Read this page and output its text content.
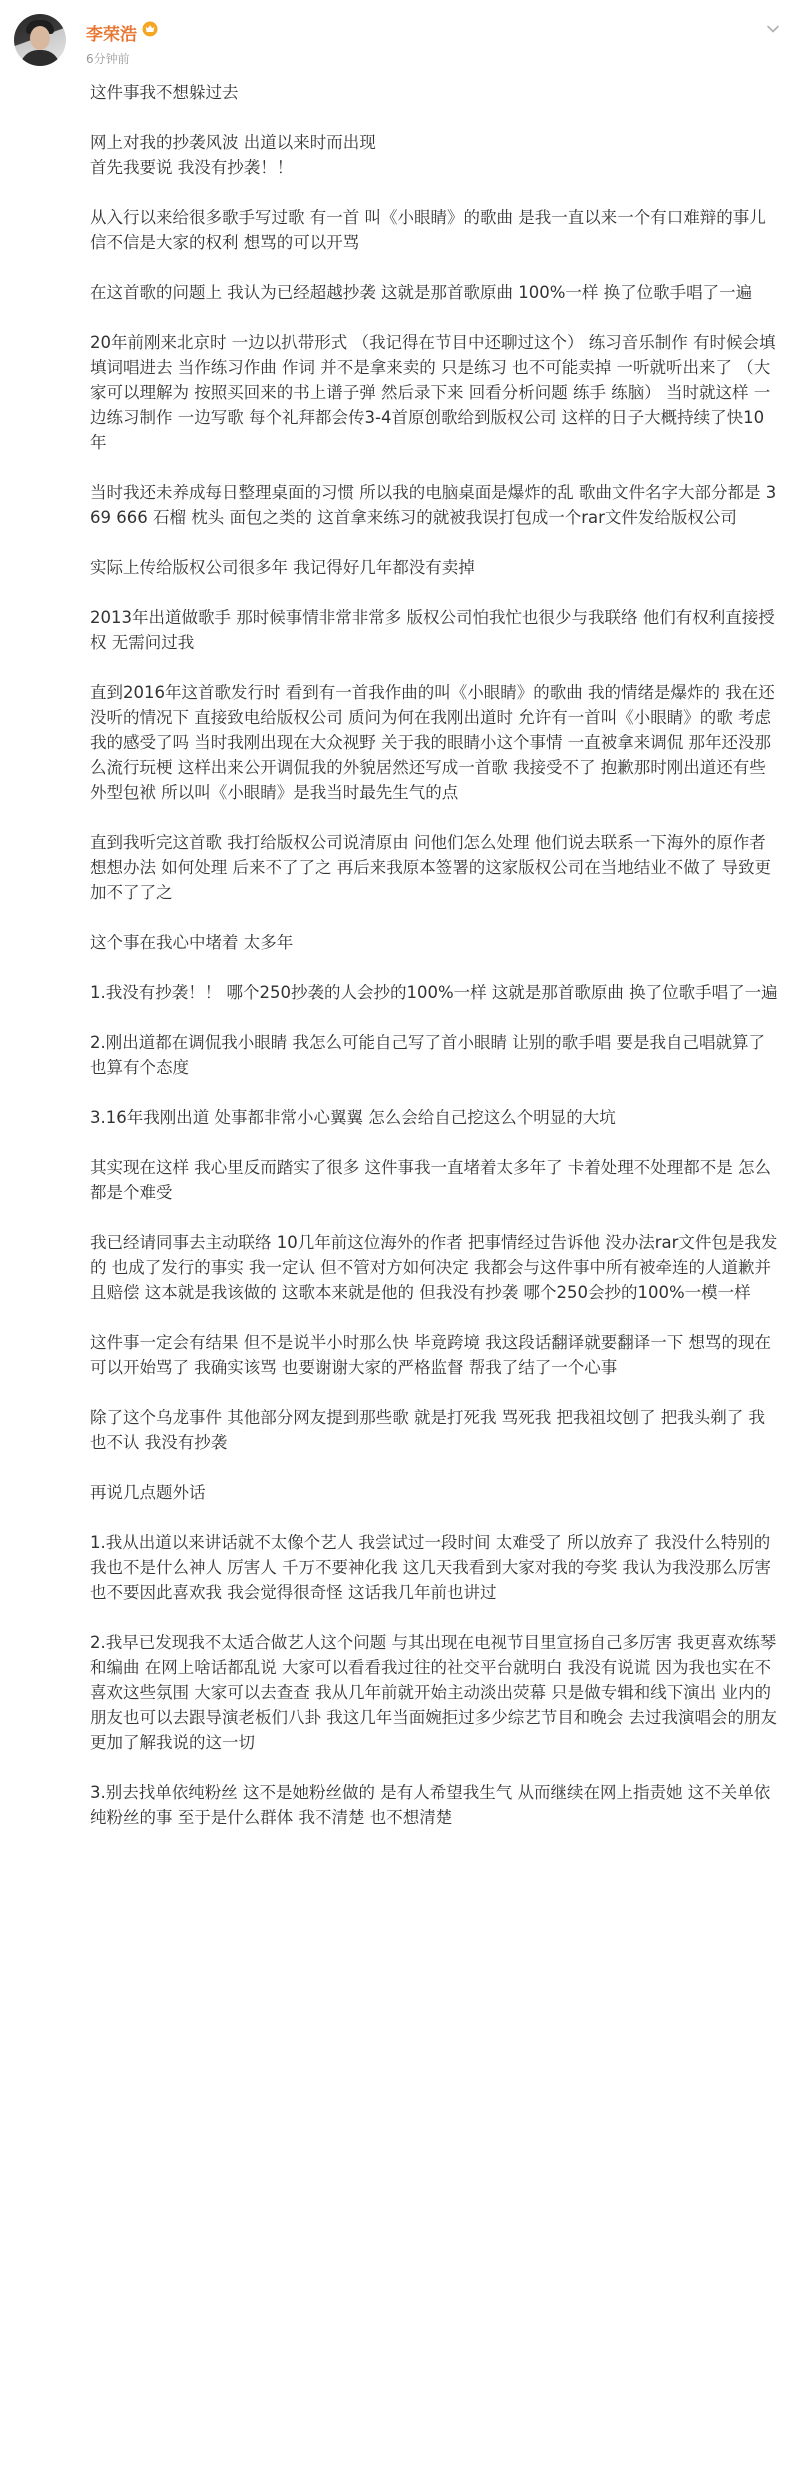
李荣浩
6分钟前

这件事我不想躲过去

网上对我的抄袭风波 出道以来时而出现

首先我要说 我没有抄袭！！

从入行以来给很多歌手写过歌 有一首 叫《小眼睛》的歌曲 是我一直以来一个有口难辩的事儿 信不信是大家的权利 想骂的可以开骂

在这首歌的问题上 我认为已经超越抄袭 这就是那首歌原曲 100%一样 换了位歌手唱了一遍

20年前刚来北京时 一边以扒带形式 （我记得在节目中还聊过这个） 练习音乐制作 有时候会填填词唱进去 当作练习作曲 作词 并不是拿来卖的 只是练习 也不可能卖掉 一听就听出来了 （大家可以理解为 按照买回来的书上谱子弹 然后录下来 回看分析问题 练手 练脑） 当时就这样 一边练习制作 一边写歌 每个礼拜都会传3-4首原创歌给到版权公司 这样的日子大概持续了快10年

当时我还未养成每日整理桌面的习惯 所以我的电脑桌面是爆炸的乱 歌曲文件名字大部分都是 369 666 石榴 枕头 面包之类的 这首拿来练习的就被我误打包成一个rar文件发给版权公司

实际上传给版权公司很多年 我记得好几年都没有卖掉

2013年出道做歌手 那时候事情非常非常多 版权公司怕我忙也很少与我联络 他们有权利直接授权 无需问过我

直到2016年这首歌发行时 看到有一首我作曲的叫《小眼睛》的歌曲 我的情绪是爆炸的 我在还没听的情况下 直接致电给版权公司 质问为何在我刚出道时 允许有一首叫《小眼睛》的歌 考虑我的感受了吗 当时我刚出现在大众视野 关于我的眼睛小这个事情 一直被拿来调侃 那年还没那么流行玩梗 这样出来公开调侃我的外貌居然还写成一首歌 我接受不了 抱歉那时刚出道还有些外型包袱 所以叫《小眼睛》是我当时最先生气的点

直到我听完这首歌 我打给版权公司说清原由 问他们怎么处理 他们说去联系一下海外的原作者 想想办法 如何处理 后来不了了之 再后来我原本签署的这家版权公司在当地结业不做了 导致更加不了了之

这个事在我心中堵着 太多年

1.我没有抄袭！！ 哪个250抄袭的人会抄的100%一样 这就是那首歌原曲 换了位歌手唱了一遍

2.刚出道都在调侃我小眼睛 我怎么可能自己写了首小眼睛 让别的歌手唱 要是我自己唱就算了 也算有个态度

3.16年我刚出道 处事都非常小心翼翼 怎么会给自己挖这么个明显的大坑

其实现在这样 我心里反而踏实了很多 这件事我一直堵着太多年了 卡着处理不处理都不是 怎么都是个难受

我已经请同事去主动联络 10几年前这位海外的作者 把事情经过告诉他 没办法rar文件包是我发的 也成了发行的事实 我一定认 但不管对方如何决定 我都会与这件事中所有被牵连的人道歉并且赔偿 这本就是我该做的 这歌本来就是他的 但我没有抄袭 哪个250会抄的100%一模一样

这件事一定会有结果 但不是说半小时那么快 毕竟跨境 我这段话翻译就要翻译一下 想骂的现在可以开始骂了 我确实该骂 也要谢谢大家的严格监督 帮我了结了一个心事

除了这个乌龙事件 其他部分网友提到那些歌 就是打死我 骂死我 把我祖坟刨了 把我头剃了 我也不认 我没有抄袭

再说几点题外话

1.我从出道以来讲话就不太像个艺人 我尝试过一段时间 太难受了 所以放弃了 我没什么特别的 我也不是什么神人 厉害人 千万不要神化我 这几天我看到大家对我的夸奖 我认为我没那么厉害 也不要因此喜欢我 我会觉得很奇怪 这话我几年前也讲过

2.我早已发现我不太适合做艺人这个问题 与其出现在电视节目里宣扬自己多厉害 我更喜欢练琴和编曲 在网上啥话都乱说 大家可以看看我过往的社交平台就明白 我没有说谎 因为我也实在不喜欢这些氛围 大家可以去查查 我从几年前就开始主动淡出荧幕 只是做专辑和线下演出 业内的朋友也可以去跟导演老板们八卦 我这几年当面婉拒过多少综艺节目和晚会 去过我演唱会的朋友更加了解我说的这一切

3.别去找单依纯粉丝 这不是她粉丝做的 是有人希望我生气 从而继续在网上指责她 这不关单依纯粉丝的事 至于是什么群体 我不清楚 也不想清楚
